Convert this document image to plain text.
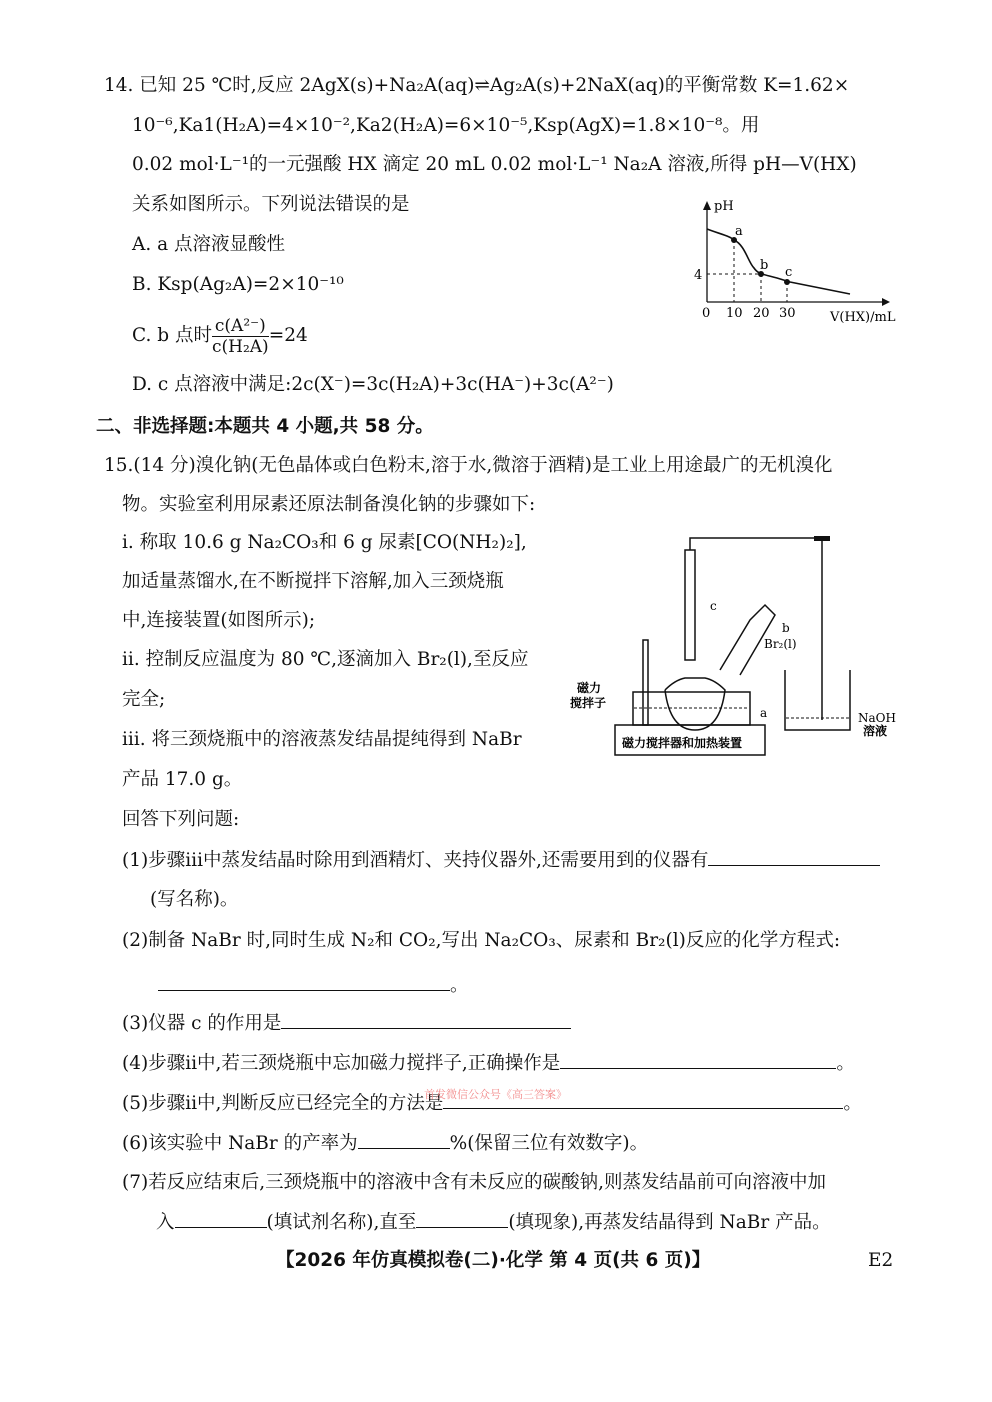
14. 已知 25 ℃时,反应 2AgX(s)+Na₂A(aq)⇌Ag₂A(s)+2NaX(aq)的平衡常数 K=1.62×
10⁻⁶,Ka1(H₂A)=4×10⁻²,Ka2(H₂A)=6×10⁻⁵,Ksp(AgX)=1.8×10⁻⁸。用
0.02 mol·L⁻¹的一元强酸 HX 滴定 20 mL 0.02 mol·L⁻¹ Na₂A 溶液,所得 pH—V(HX)
关系如图所示。下列说法错误的是
A. a 点溶液显酸性
B. Ksp(Ag₂A)=2×10⁻¹⁰
C. b 点时 $\frac{\text{c(A²⁻)}}{\text{c(H₂A)}} =24$
D. c 点溶液中满足:2c(X⁻)=3c(H₂A)+3c(HA⁻)+3c(A²⁻)
pH
a
b c
4
0 10 20 30	V(HX)/mL
二、非选择题:本题共 4 小题,共 58 分。
15.(14 分)溴化钠(无色晶体或白色粉末,溶于水,微溶于酒精)是工业上用途最广的无机溴化
物。实验室利用尿素还原法制备溴化钠的步骤如下:
ⅰ. 称取 10.6 g Na₂CO₃和 6 g 尿素[CO(NH₂)₂],
加适量蒸馏水,在不断搅拌下溶解,加入三颈烧瓶
中,连接装置(如图所示);
ⅱ. 控制反应温度为 80 ℃,逐滴加入 Br₂(l),至反应
完全;
ⅲ. 将三颈烧瓶中的溶液蒸发结晶提纯得到 NaBr
产品 17.0 g。
c
b
Br₂(l)
a
磁力
搅拌子
磁力搅拌器和加热装置
NaOH
溶液
回答下列问题:
(1)步骤ⅲ中蒸发结晶时除用到酒精灯、夹持仪器外,还需要用到的仪器有
(写名称)。
(2)制备 NaBr 时,同时生成 N₂和 CO₂,写出 Na₂CO₃、尿素和 Br₂(l)反应的化学方程式:
。
(3)仪器 c 的作用是
(4)步骤ⅱ中,若三颈烧瓶中忘加磁力搅拌子,正确操作是	。
(5)步骤ⅱ中,判断反应已经完全的方法是	。
首发微信公众号《高三答案》
(6)该实验中 NaBr 的产率为	%(保留三位有效数字)。
(7)若反应结束后,三颈烧瓶中的溶液中含有未反应的碳酸钠,则蒸发结晶前可向溶液中加
入	(填试剂名称),直至	(填现象),再蒸发结晶得到 NaBr 产品。
【2026 年仿真模拟卷(二)·化学 第 4 页(共 6 页)】	E2
